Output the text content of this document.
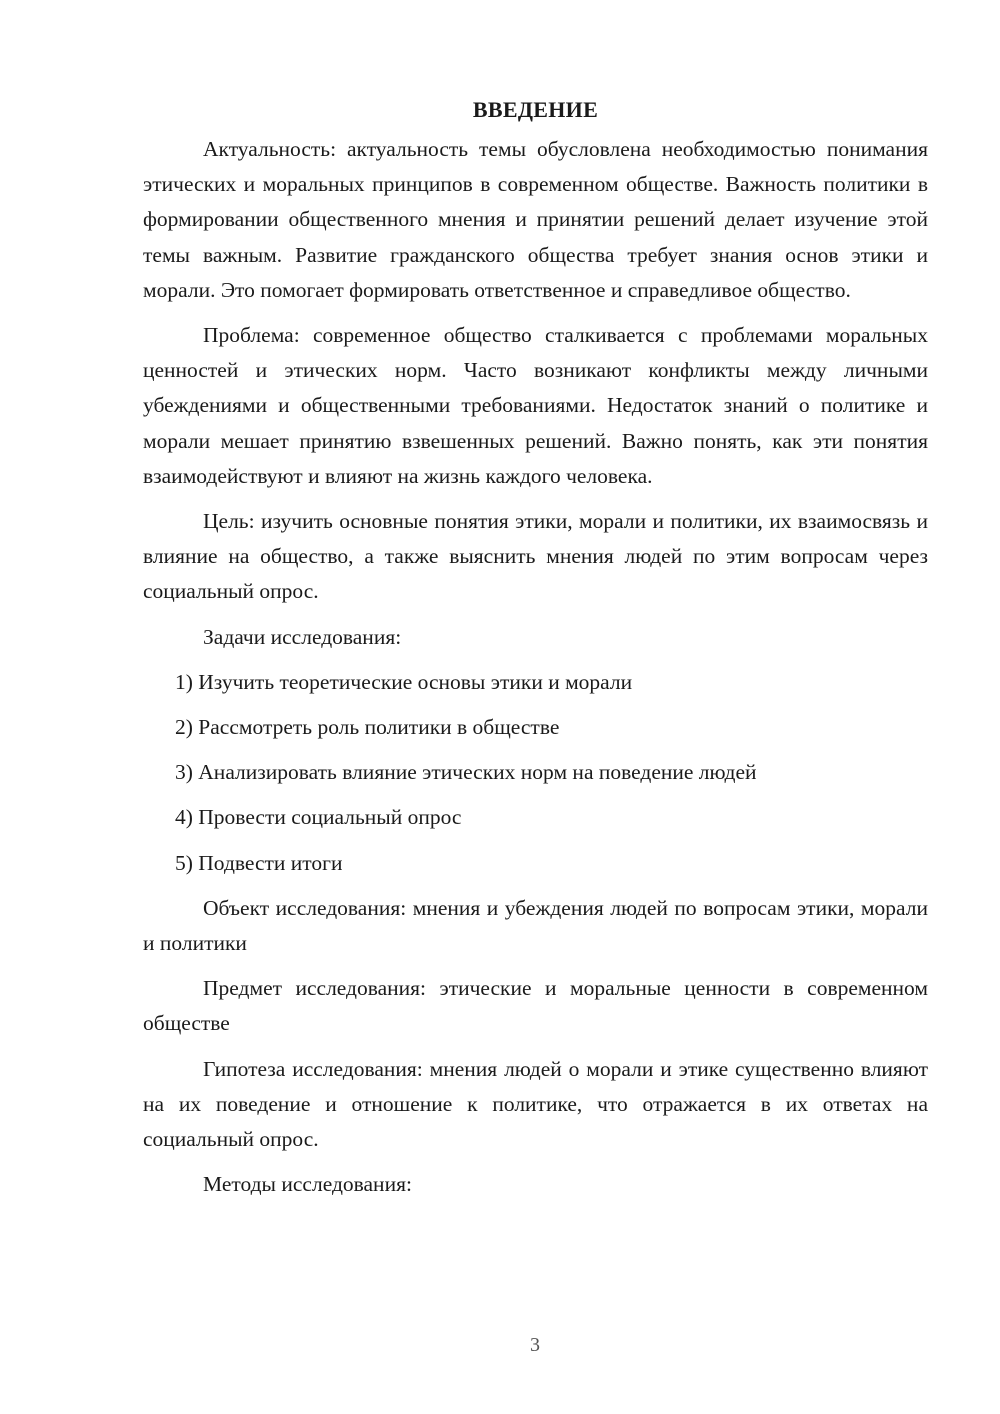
ВВЕДЕНИЕ

Актуальность: актуальность темы обусловлена необходимостью понимания этических и моральных принципов в современном обществе. Важность политики в формировании общественного мнения и принятии решений делает изучение этой темы важным. Развитие гражданского общества требует знания основ этики и морали. Это помогает формировать ответственное и справедливое общество.

Проблема: современное общество сталкивается с проблемами моральных ценностей и этических норм. Часто возникают конфликты между личными убеждениями и общественными требованиями. Недостаток знаний о политике и морали мешает принятию взвешенных решений. Важно понять, как эти понятия взаимодействуют и влияют на жизнь каждого человека.

Цель: изучить основные понятия этики, морали и политики, их взаимосвязь и влияние на общество, а также выяснить мнения людей по этим вопросам через социальный опрос.

Задачи исследования:

1) Изучить теоретические основы этики и морали
2) Рассмотреть роль политики в обществе
3) Анализировать влияние этических норм на поведение людей
4) Провести социальный опрос
5) Подвести итоги

Объект исследования: мнения и убеждения людей по вопросам этики, морали и политики

Предмет исследования: этические и моральные ценности в современном обществе

Гипотеза исследования: мнения людей о морали и этике существенно влияют на их поведение и отношение к политике, что отражается в их ответах на социальный опрос.

Методы исследования:

3
